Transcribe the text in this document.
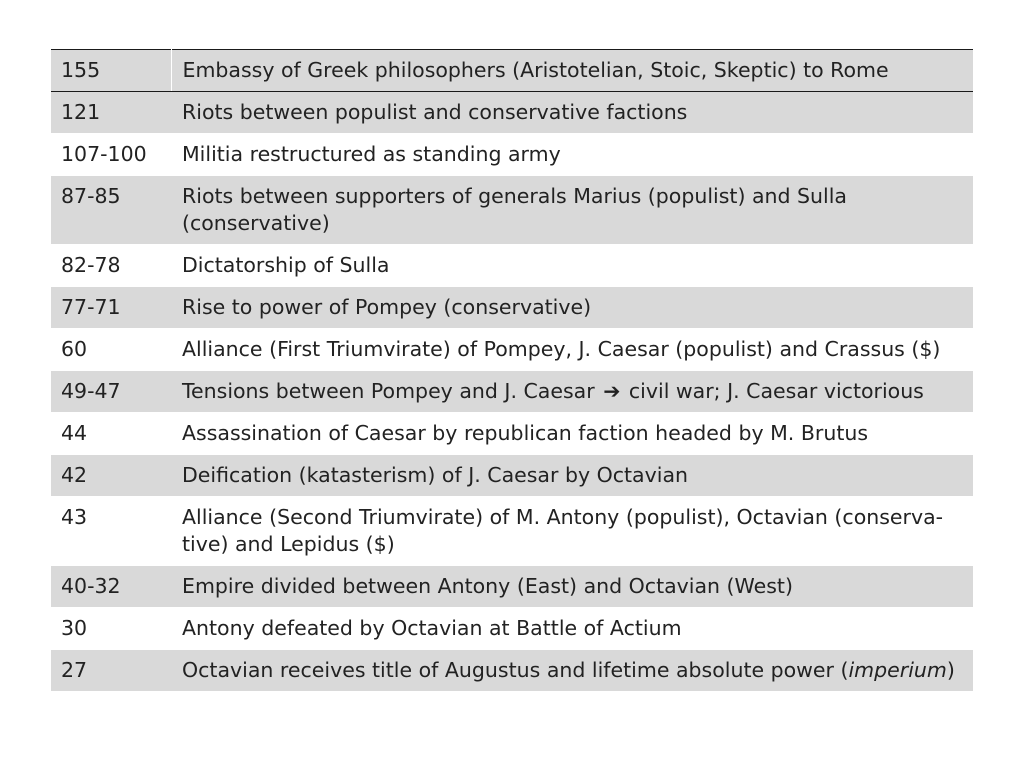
155	Embassy of Greek philosophers (Aristotelian, Stoic, Skeptic) to Rome
121	Riots between populist and conservative factions
107-100	Militia restructured as standing army
87-85	Riots between supporters of generals Marius (populist) and Sulla (conservative)
82-78	Dictatorship of Sulla
77-71	Rise to power of Pompey (conservative)
60	Alliance (First Triumvirate) of Pompey, J. Caesar (populist) and Crassus ($)
49-47	Tensions between Pompey and J. Caesar ➔ civil war; J. Caesar victorious
44	Assassination of Caesar by republican faction headed by M. Brutus
42	Deification (katasterism) of J. Caesar by Octavian
43	Alliance (Second Triumvirate) of M. Antony (populist), Octavian (conserva-tive) and Lepidus ($)
40-32	Empire divided between Antony (East) and Octavian (West)
30	Antony defeated by Octavian at Battle of Actium
27	Octavian receives title of Augustus and lifetime absolute power (imperium)
